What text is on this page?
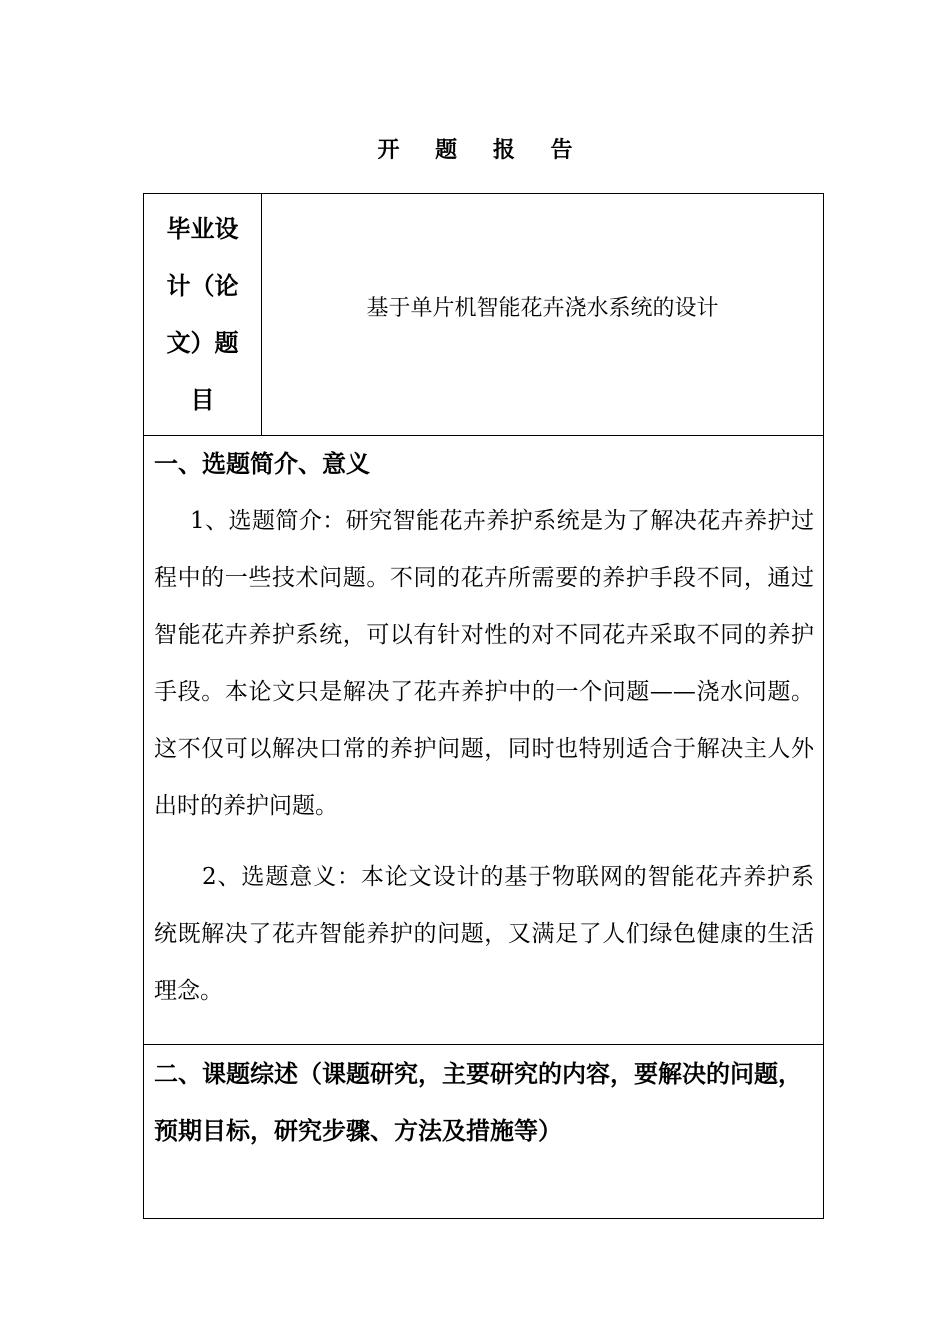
开 题 报 告
毕业设计（论文）题目
基于单片机智能花卉浇水系统的设计
一、选题简介、意义

1、选题简介：研究智能花卉养护系统是为了解决花卉养护过程中的一些技术问题。不同的花卉所需要的养护手段不同，通过智能花卉养护系统，可以有针对性的对不同花卉采取不同的养护手段。本论文只是解决了花卉养护中的一个问题——浇水问题。这不仅可以解决口常的养护问题，同时也特别适合于解决主人外出时的养护问题。

2、选题意义：本论文设计的基于物联网的智能花卉养护系统既解决了花卉智能养护的问题，又满足了人们绿色健康的生活理念。

二、课题综述（课题研究，主要研究的内容，要解决的问题，预期目标，研究步骤、方法及措施等）
